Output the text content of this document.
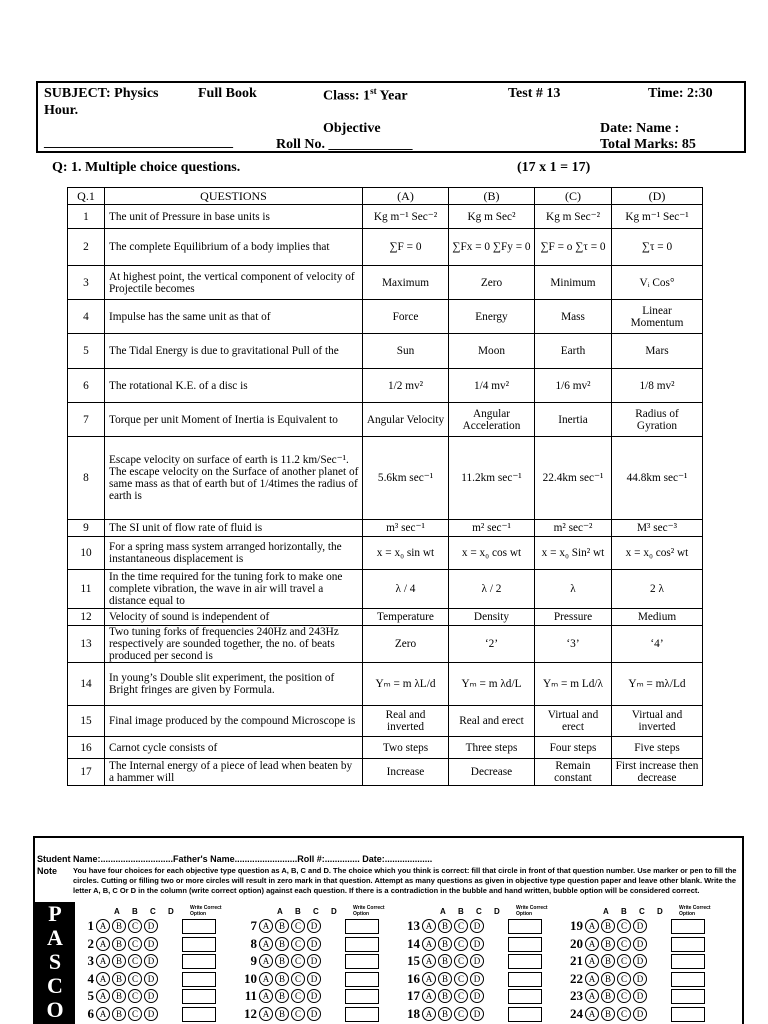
SUBJECT: Physics	Full Book	Class: 1st Year	Test # 13	Time: 2:30
Hour.
Objective	Date: Name :
___________________________	Roll No. ____________	Total Marks: 85
Q: 1. Multiple choice questions.	(17 x 1 = 17)
Q.1	QUESTIONS	(A)	(B)	(C)	(D)
1	The unit of Pressure in base units is	Kg m⁻¹ Sec⁻²	Kg m Sec²	Kg m Sec⁻²	Kg m⁻¹ Sec⁻¹
2	The complete Equilibrium of a body implies that	∑F = 0	∑Fx = 0 ∑Fy = 0	∑F = o ∑τ = 0	∑τ = 0
3	At highest point, the vertical component of velocity of Projectile becomes	Maximum	Zero	Minimum	Vᵢ Cos°
4	Impulse has the same unit as that of	Force	Energy	Mass	Linear Momentum
5	The Tidal Energy is due to gravitational Pull of the	Sun	Moon	Earth	Mars
6	The rotational K.E. of a disc is	1/2 mv²	1/4 mv²	1/6 mv²	1/8 mv²
7	Torque per unit Moment of Inertia is Equivalent to	Angular Velocity	Angular Acceleration	Inertia	Radius of Gyration
8	Escape velocity on surface of earth is 11.2 km/Sec⁻¹. The escape velocity on the Surface of another planet of same mass as that of earth but of 1/4times the radius of earth is	5.6km sec⁻¹	11.2km sec⁻¹	22.4km sec⁻¹	44.8km sec⁻¹
9	The SI unit of flow rate of fluid is	m³ sec⁻¹	m² sec⁻¹	m² sec⁻²	M³ sec⁻³
10	For a spring mass system arranged horizontally, the instantaneous displacement is	x = x₀ sin wt	x = x₀ cos wt	x = x₀ Sin² wt	x = x₀ cos² wt
11	In the time required for the tuning fork to make one complete vibration, the wave in air will travel a distance equal to	λ / 4	λ / 2	λ	2 λ
12	Velocity of sound is independent of	Temperature	Density	Pressure	Medium
13	Two tuning forks of frequencies 240Hz and 243Hz respectively are sounded together, the no. of beats produced per second is	Zero	‘2’	‘3’	‘4’
14	In young’s Double slit experiment, the position of Bright fringes are given by Formula.	Yₘ = m λL/d	Yₘ = m λd/L	Yₘ = m Ld/λ	Yₘ = mλ/Ld
15	Final image produced by the compound Microscope is	Real and inverted	Real and erect	Virtual and erect	Virtual and inverted
16	Carnot cycle consists of	Two steps	Three steps	Four steps	Five steps
17	The Internal energy of a piece of lead when beaten by a hammer will	Increase	Decrease	Remain constant	First increase then decrease
Student Name:.............................Father's Name.........................Roll #:.............. Date:...................
Note You have four choices for each objective type question as A, B, C and D. The choice which you think is correct: fill that circle in front of that question number. Use marker or pen to fill the circles. Cutting or filling two or more circles will result in zero mark in that question. Attempt as many questions as given in objective type question paper and leave other blank. Write the letter A, B, C Or D in the column (write correct option) against each question. If there is a contradiction in the bubble and hand written, bubble option will be considered correct.
P
A
S
C
O
A B C D	Write Correct Option
1 A	B	C	D
2 A	B	C	D
3 A	B	C	D
4 A	B	C	D
5 A	B	C	D
6 A	B	C	D
A B C D	Write Correct Option
7 A	B	C	D
8 A	B	C	D
9 A	B	C	D
10 A	B	C	D
11 A	B	C	D
12 A	B	C	D
A B C D	Write Correct Option
13 A	B	C	D
14 A	B	C	D
15 A	B	C	D
16 A	B	C	D
17 A	B	C	D
18 A	B	C	D
A B C D	Write Correct Option
19 A	B	C	D
20 A	B	C	D
21 A	B	C	D
22 A	B	C	D
23 A	B	C	D
24 A	B	C	D
